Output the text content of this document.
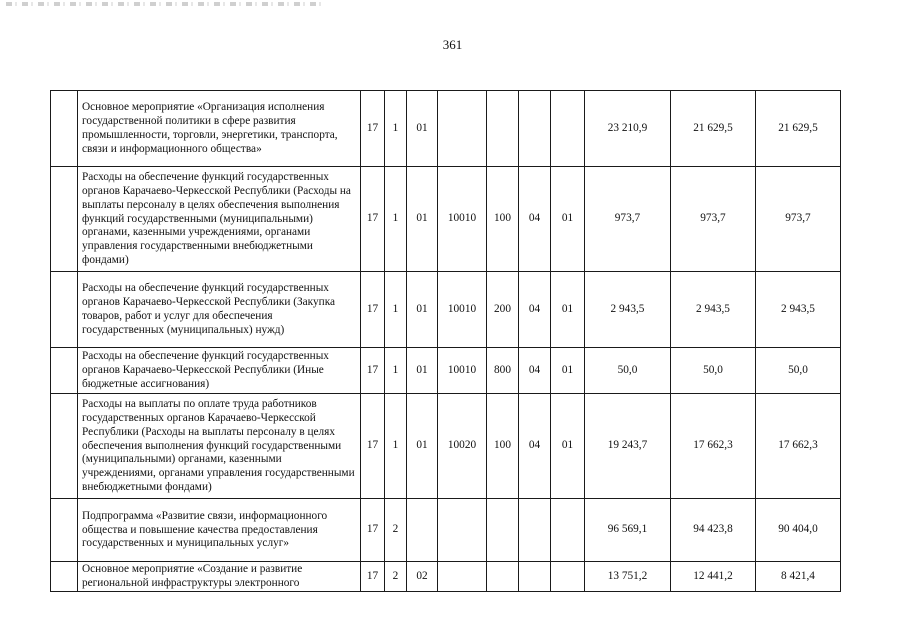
361
	Основное мероприятие «Организация исполнения государственной политики в сфере развития промышленности, торговли, энергетики, транспорта, связи и информационного общества»	17	1	01					23 210,9	21 629,5	21 629,5
	Расходы на обеспечение функций государственных органов Карачаево-Черкесской Республики (Расходы на выплаты персоналу в целях обеспечения выполнения функций государственными (муниципальными) органами, казенными учреждениями, органами управления государственными внебюджетными фондами)	17	1	01	10010	100	04	01	973,7	973,7	973,7
	Расходы на обеспечение функций государственных органов Карачаево-Черкесской Республики (Закупка товаров, работ и услуг для обеспечения государственных (муниципальных) нужд)	17	1	01	10010	200	04	01	2 943,5	2 943,5	2 943,5
	Расходы на обеспечение функций государственных органов Карачаево-Черкесской Республики (Иные бюджетные ассигнования)	17	1	01	10010	800	04	01	50,0	50,0	50,0
	Расходы на выплаты по оплате труда работников государственных органов Карачаево-Черкесской Республики (Расходы на выплаты персоналу в целях обеспечения выполнения функций государственными (муниципальными) органами, казенными учреждениями, органами управления государственными внебюджетными фондами)	17	1	01	10020	100	04	01	19 243,7	17 662,3	17 662,3
	Подпрограмма «Развитие связи, информационного общества и повышение качества предоставления государственных и муниципальных услуг»	17	2						96 569,1	94 423,8	90 404,0
	Основное мероприятие «Создание и развитие региональной инфраструктуры электронного	17	2	02					13 751,2	12 441,2	8 421,4
